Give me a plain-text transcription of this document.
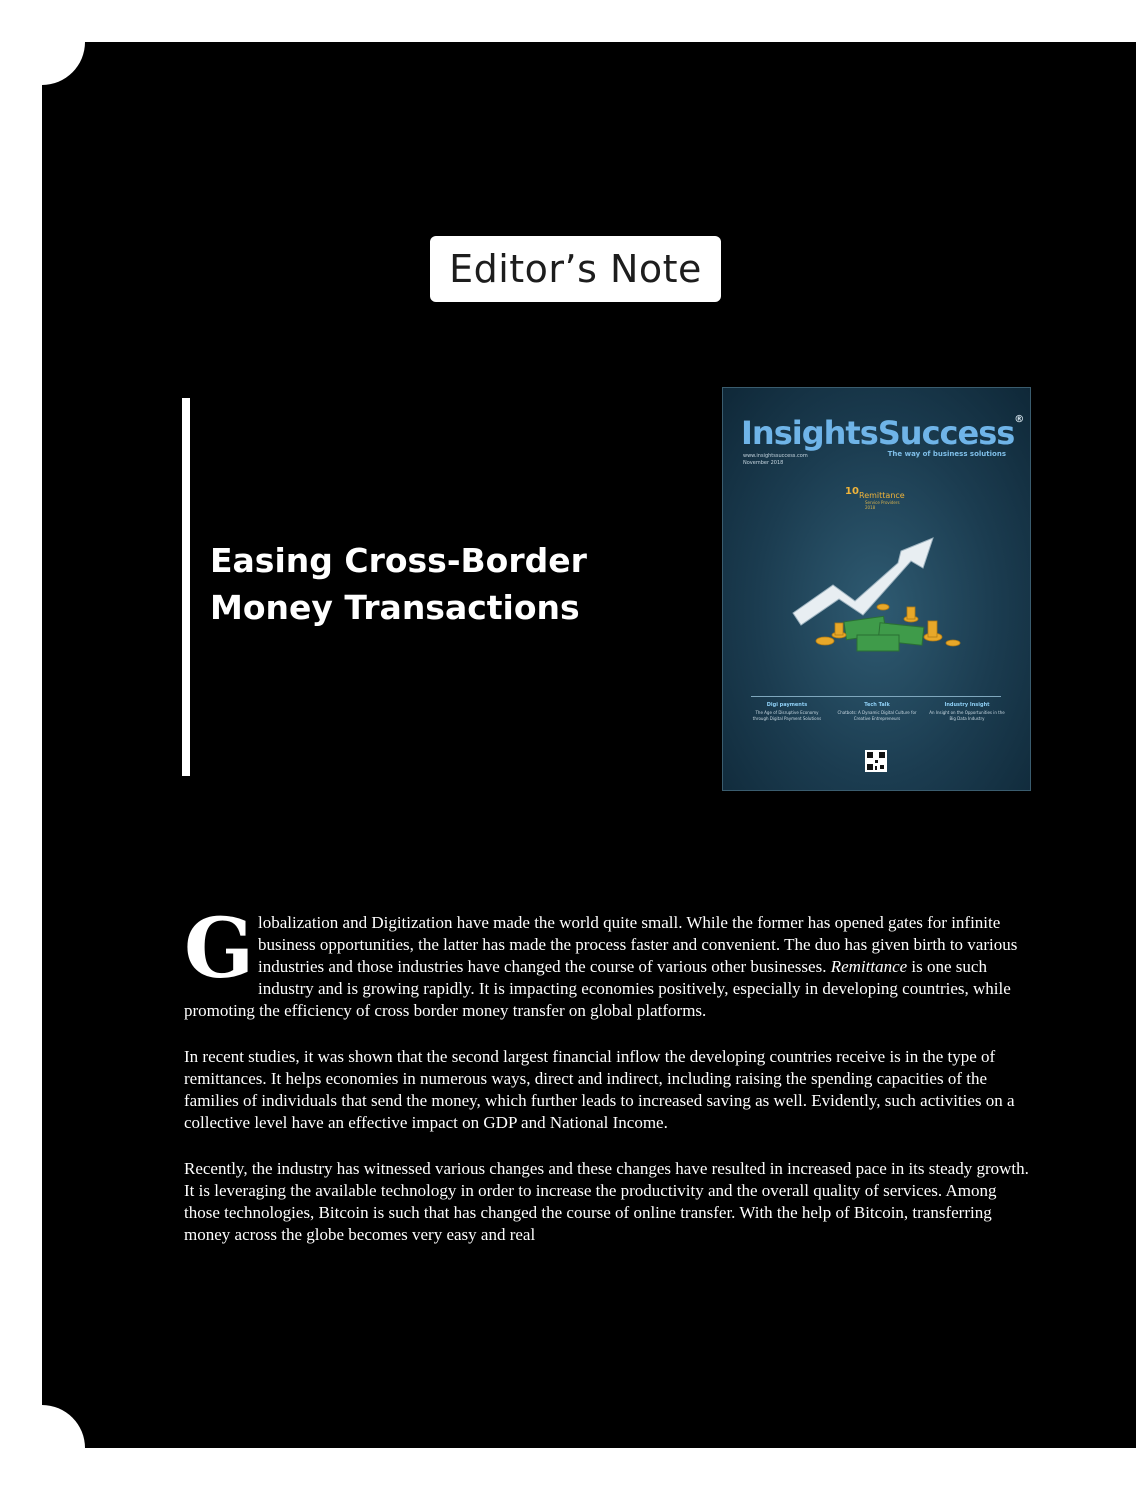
Editor’s Note
Easing Cross-Border
Money Transactions
InsightsSuccess®
www.insightssuccess.com
November 2018
The way of business solutions
10 Remittance
Service Providers 2018
Digi payments
The Age of Disruptive Economy through Digital Payment Solutions
Tech Talk
Chatbots: A Dynamic Digital Culture for Creative Entrepreneurs
Industry Insight
An Insight on the Opportunities in the Big Data Industry

Globalization and Digitization have made the world quite small. While the former has opened gates for infinite business opportunities, the latter has made the process faster and convenient. The duo has given birth to various industries and those industries have changed the course of various other businesses. Remittance is one such industry and is growing rapidly. It is impacting economies positively, especially in developing countries, while promoting the efficiency of cross border money transfer on global platforms.

In recent studies, it was shown that the second largest financial inflow the developing countries receive is in the type of remittances. It helps economies in numerous ways, direct and indirect, including raising the spending capacities of the families of individuals that send the money, which further leads to increased saving as well. Evidently, such activities on a collective level have an effective impact on GDP and National Income.

Recently, the industry has witnessed various changes and these changes have resulted in increased pace in its steady growth. It is leveraging the available technology in order to increase the productivity and the overall quality of services. Among those technologies, Bitcoin is such that has changed the course of online transfer. With the help of Bitcoin, transferring money across the globe becomes very easy and real
